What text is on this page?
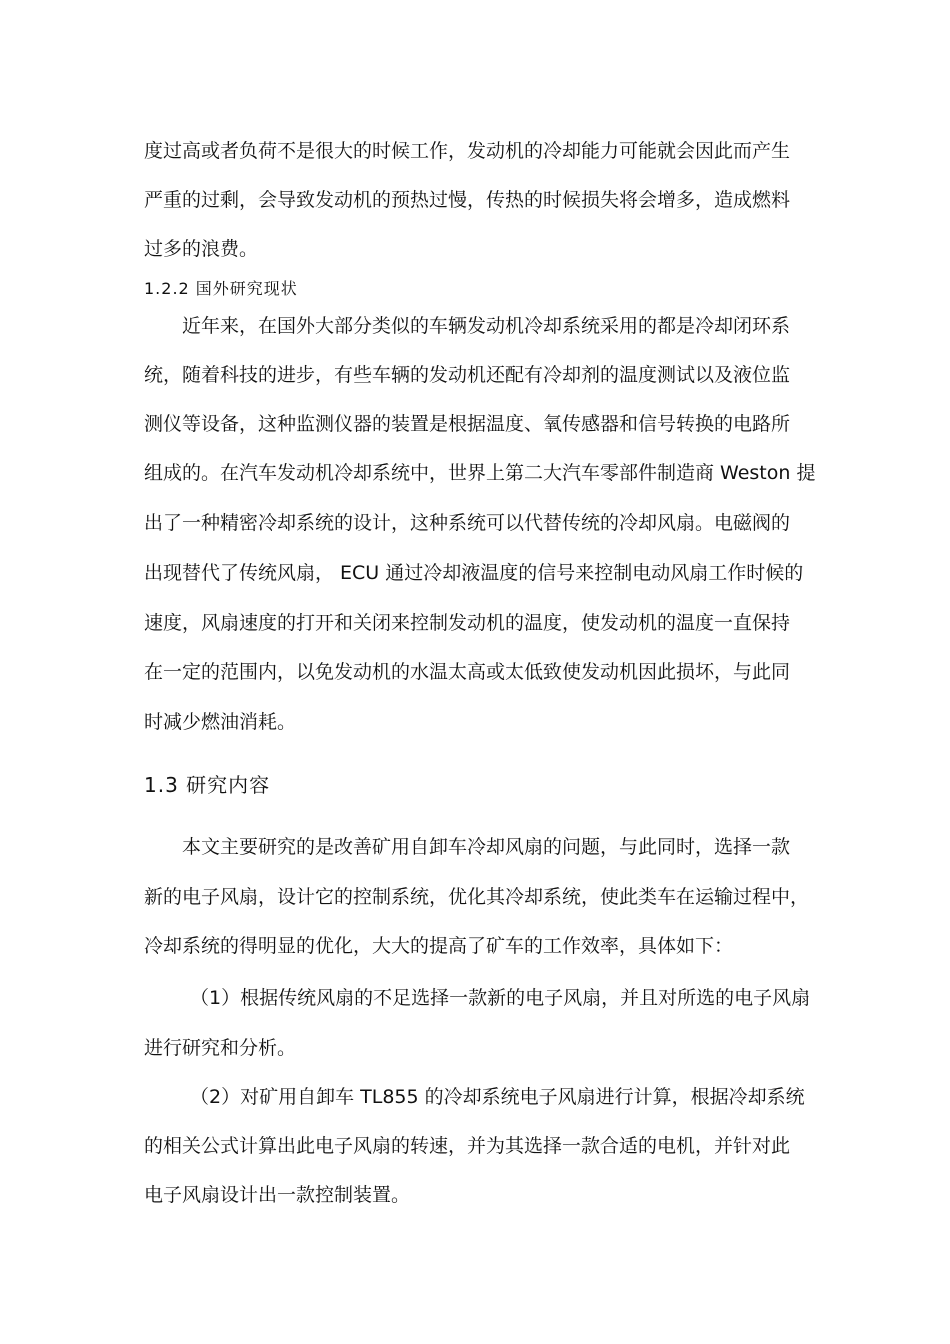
度过高或者负荷不是很大的时候工作，发动机的冷却能力可能就会因此而产生
严重的过剩，会导致发动机的预热过慢，传热的时候损失将会增多，造成燃料
过多的浪费。
1.2.2 国外研究现状
近年来，在国外大部分类似的车辆发动机冷却系统采用的都是冷却闭环系
统，随着科技的进步，有些车辆的发动机还配有冷却剂的温度测试以及液位监
测仪等设备，这种监测仪器的装置是根据温度、氧传感器和信号转换的电路所
组成的。在汽车发动机冷却系统中，世界上第二大汽车零部件制造商 Weston 提
出了一种精密冷却系统的设计，这种系统可以代替传统的冷却风扇。电磁阀的
出现替代了传统风扇， ECU 通过冷却液温度的信号来控制电动风扇工作时候的
速度，风扇速度的打开和关闭来控制发动机的温度，使发动机的温度一直保持
在一定的范围内，以免发动机的水温太高或太低致使发动机因此损坏，与此同
时减少燃油消耗。
1.3 研究内容
本文主要研究的是改善矿用自卸车冷却风扇的问题，与此同时，选择一款
新的电子风扇，设计它的控制系统，优化其冷却系统，使此类车在运输过程中，
冷却系统的得明显的优化，大大的提高了矿车的工作效率，具体如下：
（1）根据传统风扇的不足选择一款新的电子风扇，并且对所选的电子风扇
进行研究和分析。
（2）对矿用自卸车 TL855 的冷却系统电子风扇进行计算，根据冷却系统
的相关公式计算出此电子风扇的转速，并为其选择一款合适的电机，并针对此
电子风扇设计出一款控制装置。
